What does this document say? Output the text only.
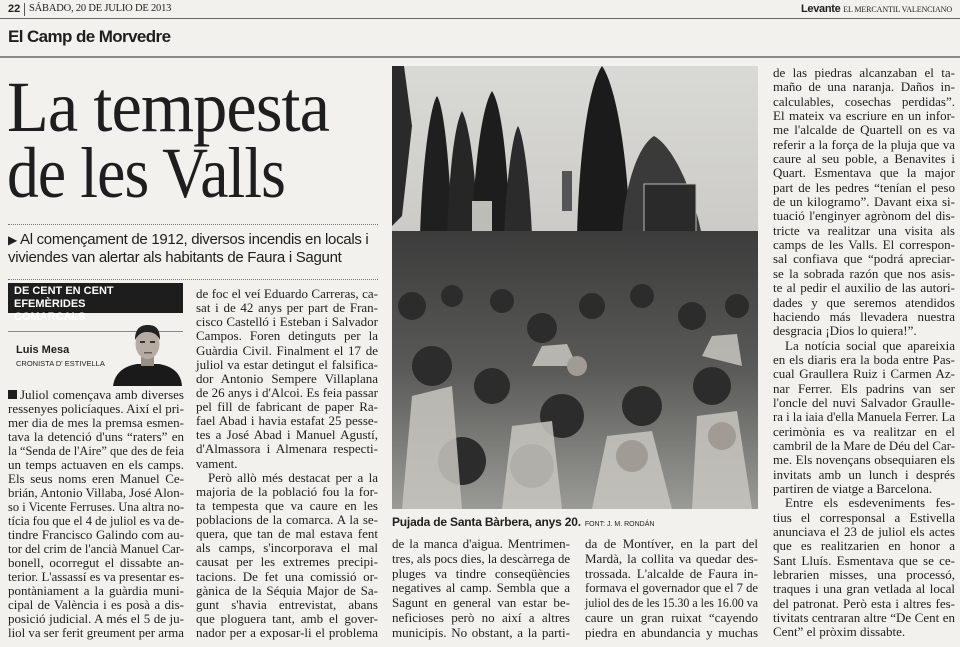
22 SÁBADO, 20 DE JULIO DE 2013	Levante EL MERCANTIL VALENCIANO
El Camp de Morvedre
La tempesta
de les Valls
▶ Al començament de 1912, diversos incendis en locals i
viviendes van alertar als habitants de Faura i Sagunt
DE CENT EN CENT EFEMÈRIDES
COMARCALS
Luis Mesa
CRONISTA D' ESTIVELLA
Juliol començava amb diverses
ressenyes policíaques. Així el pri-
mer dia de mes la premsa esmen-
tava la detenció d'uns “raters” en
la “Senda de l'Aire” que des de feia
un temps actuaven en els camps.
Els seus noms eren Manuel Ce-
brián, Antonio Villaba, José Alon-
so i Vicente Ferruses. Una altra no-
tícia fou que el 4 de juliol es va de-
tindre Francisco Galindo com au-
tor del crim de l'ancià Manuel Car-
bonell, ocorregut el dissabte an-
terior. L'assassí es va presentar es-
pontàniament a la guàrdia muni-
cipal de València i es posà a dis-
posició judicial. A més el 5 de ju-
liol va ser ferit greument per arma
de foc el veí Eduardo Carreras, ca-
sat i de 42 anys per part de Fran-
cisco Castelló i Esteban i Salvador
Campos. Foren detinguts per la
Guàrdia Civil. Finalment el 17 de
juliol va estar detingut el falsifica-
dor Antonio Sempere Villaplana
de 26 anys i d'Alcoi. Es feia passar
pel fill de fabricant de paper Ra-
fael Abad i havia estafat 25 pesse-
tes a José Abad i Manuel Agustí,
d'Almassora i Almenara respecti-
vament.
Però allò més destacat per a la
majoria de la població fou la for-
ta tempesta que va caure en les
poblacions de la comarca. A la se-
quera, que tan de mal estava fent
als camps, s'incorporava el mal
causat per les extremes precipi-
tacions. De fet una comissió or-
gànica de la Séquia Major de Sa-
gunt s'havia entrevistat, abans
que ploguera tant, amb el gover-
nador per a exposar-li el problema
de la manca d'aigua. Mentrimen-
tres, als pocs dies, la descàrrega de
pluges va tindre conseqüències
negatives al camp. Sembla que a
Sagunt en general van estar be-
neficioses però no així a altres
municipis. No obstant, a la parti-
da de Montíver, en la part del
Mardà, la collita va quedar des-
trossada. L'alcalde de Faura in-
formava el governador que el 7 de
juliol des de les 15.30 a les 16.00 va
caure un gran ruixat “cayendo
piedra en abundancia y muchas
de las piedras alcanzaban el ta-
maño de una naranja. Daños in-
calculables, cosechas perdidas”.
El mateix va escriure en un infor-
me l'alcalde de Quartell on es va
referir a la força de la pluja que va
caure al seu poble, a Benavites i
Quart. Esmentava que la major
part de les pedres “tenían el peso
de un kilogramo”. Davant eixa si-
tuació l'enginyer agrònom del dis-
tricte va realitzar una visita als
camps de les Valls. El correspon-
sal confiava que “podrá apreciar-
se la sobrada razón que nos asis-
te al pedir el auxilio de las autori-
dades y que seremos atendidos
haciendo más llevadera nuestra
desgracia ¡Dios lo quiera!”.
La notícia social que apareixia
en els diaris era la boda entre Pas-
cual Graullera Ruiz i Carmen Az-
nar Ferrer. Els padrins van ser
l'oncle del nuvi Salvador Graulle-
ra i la iaia d'ella Manuela Ferrer. La
cerimònia es va realitzar en el
cambril de la Mare de Déu del Car-
me. Els novençans obsequiaren els
invitats amb un lunch i després
partiren de viatge a Barcelona.
Entre els esdeveniments fes-
tius el corresponsal a Estivella
anunciava el 23 de juliol els actes
que es realitzarien en honor a
Sant Lluís. Esmentava que se ce-
lebrarien misses, una processó,
traques i una gran vetlada al local
del patronat. Però esta i altres fes-
tivitats centraran altre “De Cent en
Cent” el pròxim dissabte.
Pujada de Santa Bàrbera, anys 20. FONT: J. M. RONDÁN
